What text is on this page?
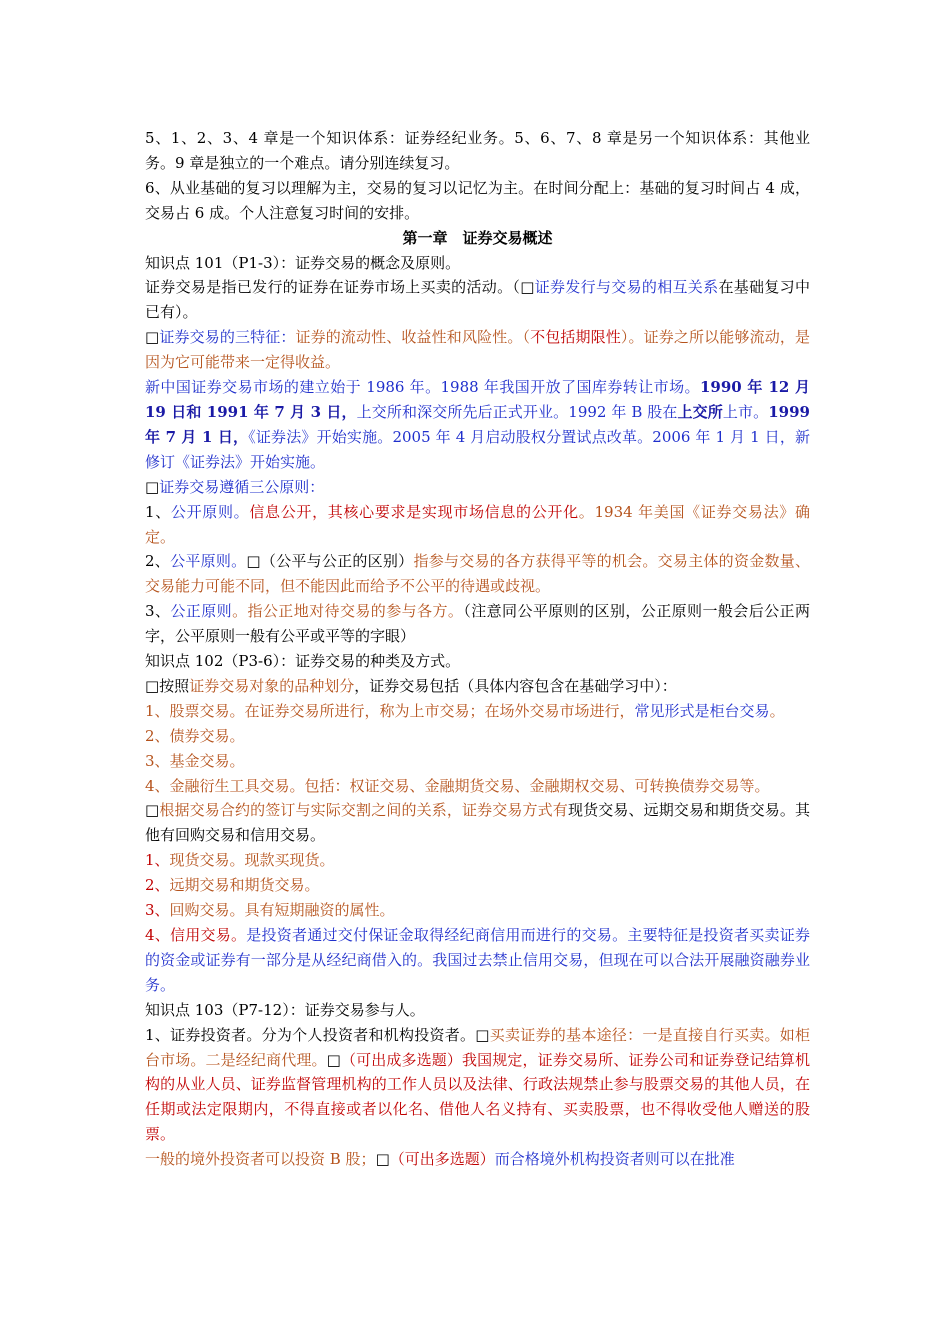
5、1、2、3、4 章是一个知识体系：证券经纪业务。5、6、7、8 章是另一个知识体系：其他业务。9 章是独立的一个难点。请分别连续复习。

6、从业基础的复习以理解为主，交易的复习以记忆为主。在时间分配上：基础的复习时间占 4 成，交易占 6 成。个人注意复习时间的安排。

第一章　证券交易概述

知识点 101（P1-3）：证券交易的概念及原则。

证券交易是指已发行的证券在证券市场上买卖的活动。（□证券发行与交易的相互关系在基础复习中已有）。

□证券交易的三特征：证券的流动性、收益性和风险性。（不包括期限性）。证券之所以能够流动，是因为它可能带来一定得收益。

新中国证券交易市场的建立始于 1986 年。1988 年我国开放了国库券转让市场。1990 年 12 月 19 日和 1991 年 7 月 3 日，上交所和深交所先后正式开业。1992 年 B 股在上交所上市。1999 年 7 月 1 日，《证券法》开始实施。2005 年 4 月启动股权分置试点改革。2006 年 1 月 1 日，新修订《证券法》开始实施。

□证券交易遵循三公原则：

1、公开原则。信息公开，其核心要求是实现市场信息的公开化。1934 年美国《证券交易法》确定。

2、公平原则。□（公平与公正的区别）指参与交易的各方获得平等的机会。交易主体的资金数量、交易能力可能不同，但不能因此而给予不公平的待遇或歧视。

3、公正原则。指公正地对待交易的参与各方。（注意同公平原则的区别，公正原则一般会后公正两字，公平原则一般有公平或平等的字眼）

知识点 102（P3-6）：证券交易的种类及方式。

□按照证券交易对象的品种划分，证券交易包括（具体内容包含在基础学习中）：

1、股票交易。在证券交易所进行，称为上市交易；在场外交易市场进行，常见形式是柜台交易。

2、债券交易。

3、基金交易。

4、金融衍生工具交易。包括：权证交易、金融期货交易、金融期权交易、可转换债券交易等。

□根据交易合约的签订与实际交割之间的关系，证券交易方式有现货交易、远期交易和期货交易。其他有回购交易和信用交易。

1、现货交易。现款买现货。

2、远期交易和期货交易。

3、回购交易。具有短期融资的属性。

4、信用交易。是投资者通过交付保证金取得经纪商信用而进行的交易。主要特征是投资者买卖证券的资金或证券有一部分是从经纪商借入的。我国过去禁止信用交易，但现在可以合法开展融资融券业务。

知识点 103（P7-12）：证券交易参与人。

1、证券投资者。分为个人投资者和机构投资者。□买卖证券的基本途径：一是直接自行买卖。如柜台市场。二是经纪商代理。□（可出成多选题）我国规定，证券交易所、证券公司和证券登记结算机构的从业人员、证券监督管理机构的工作人员以及法律、行政法规禁止参与股票交易的其他人员，在任期或法定限期内，不得直接或者以化名、借他人名义持有、买卖股票，也不得收受他人赠送的股票。

一般的境外投资者可以投资 B 股；□（可出多选题）而合格境外机构投资者则可以在批准
